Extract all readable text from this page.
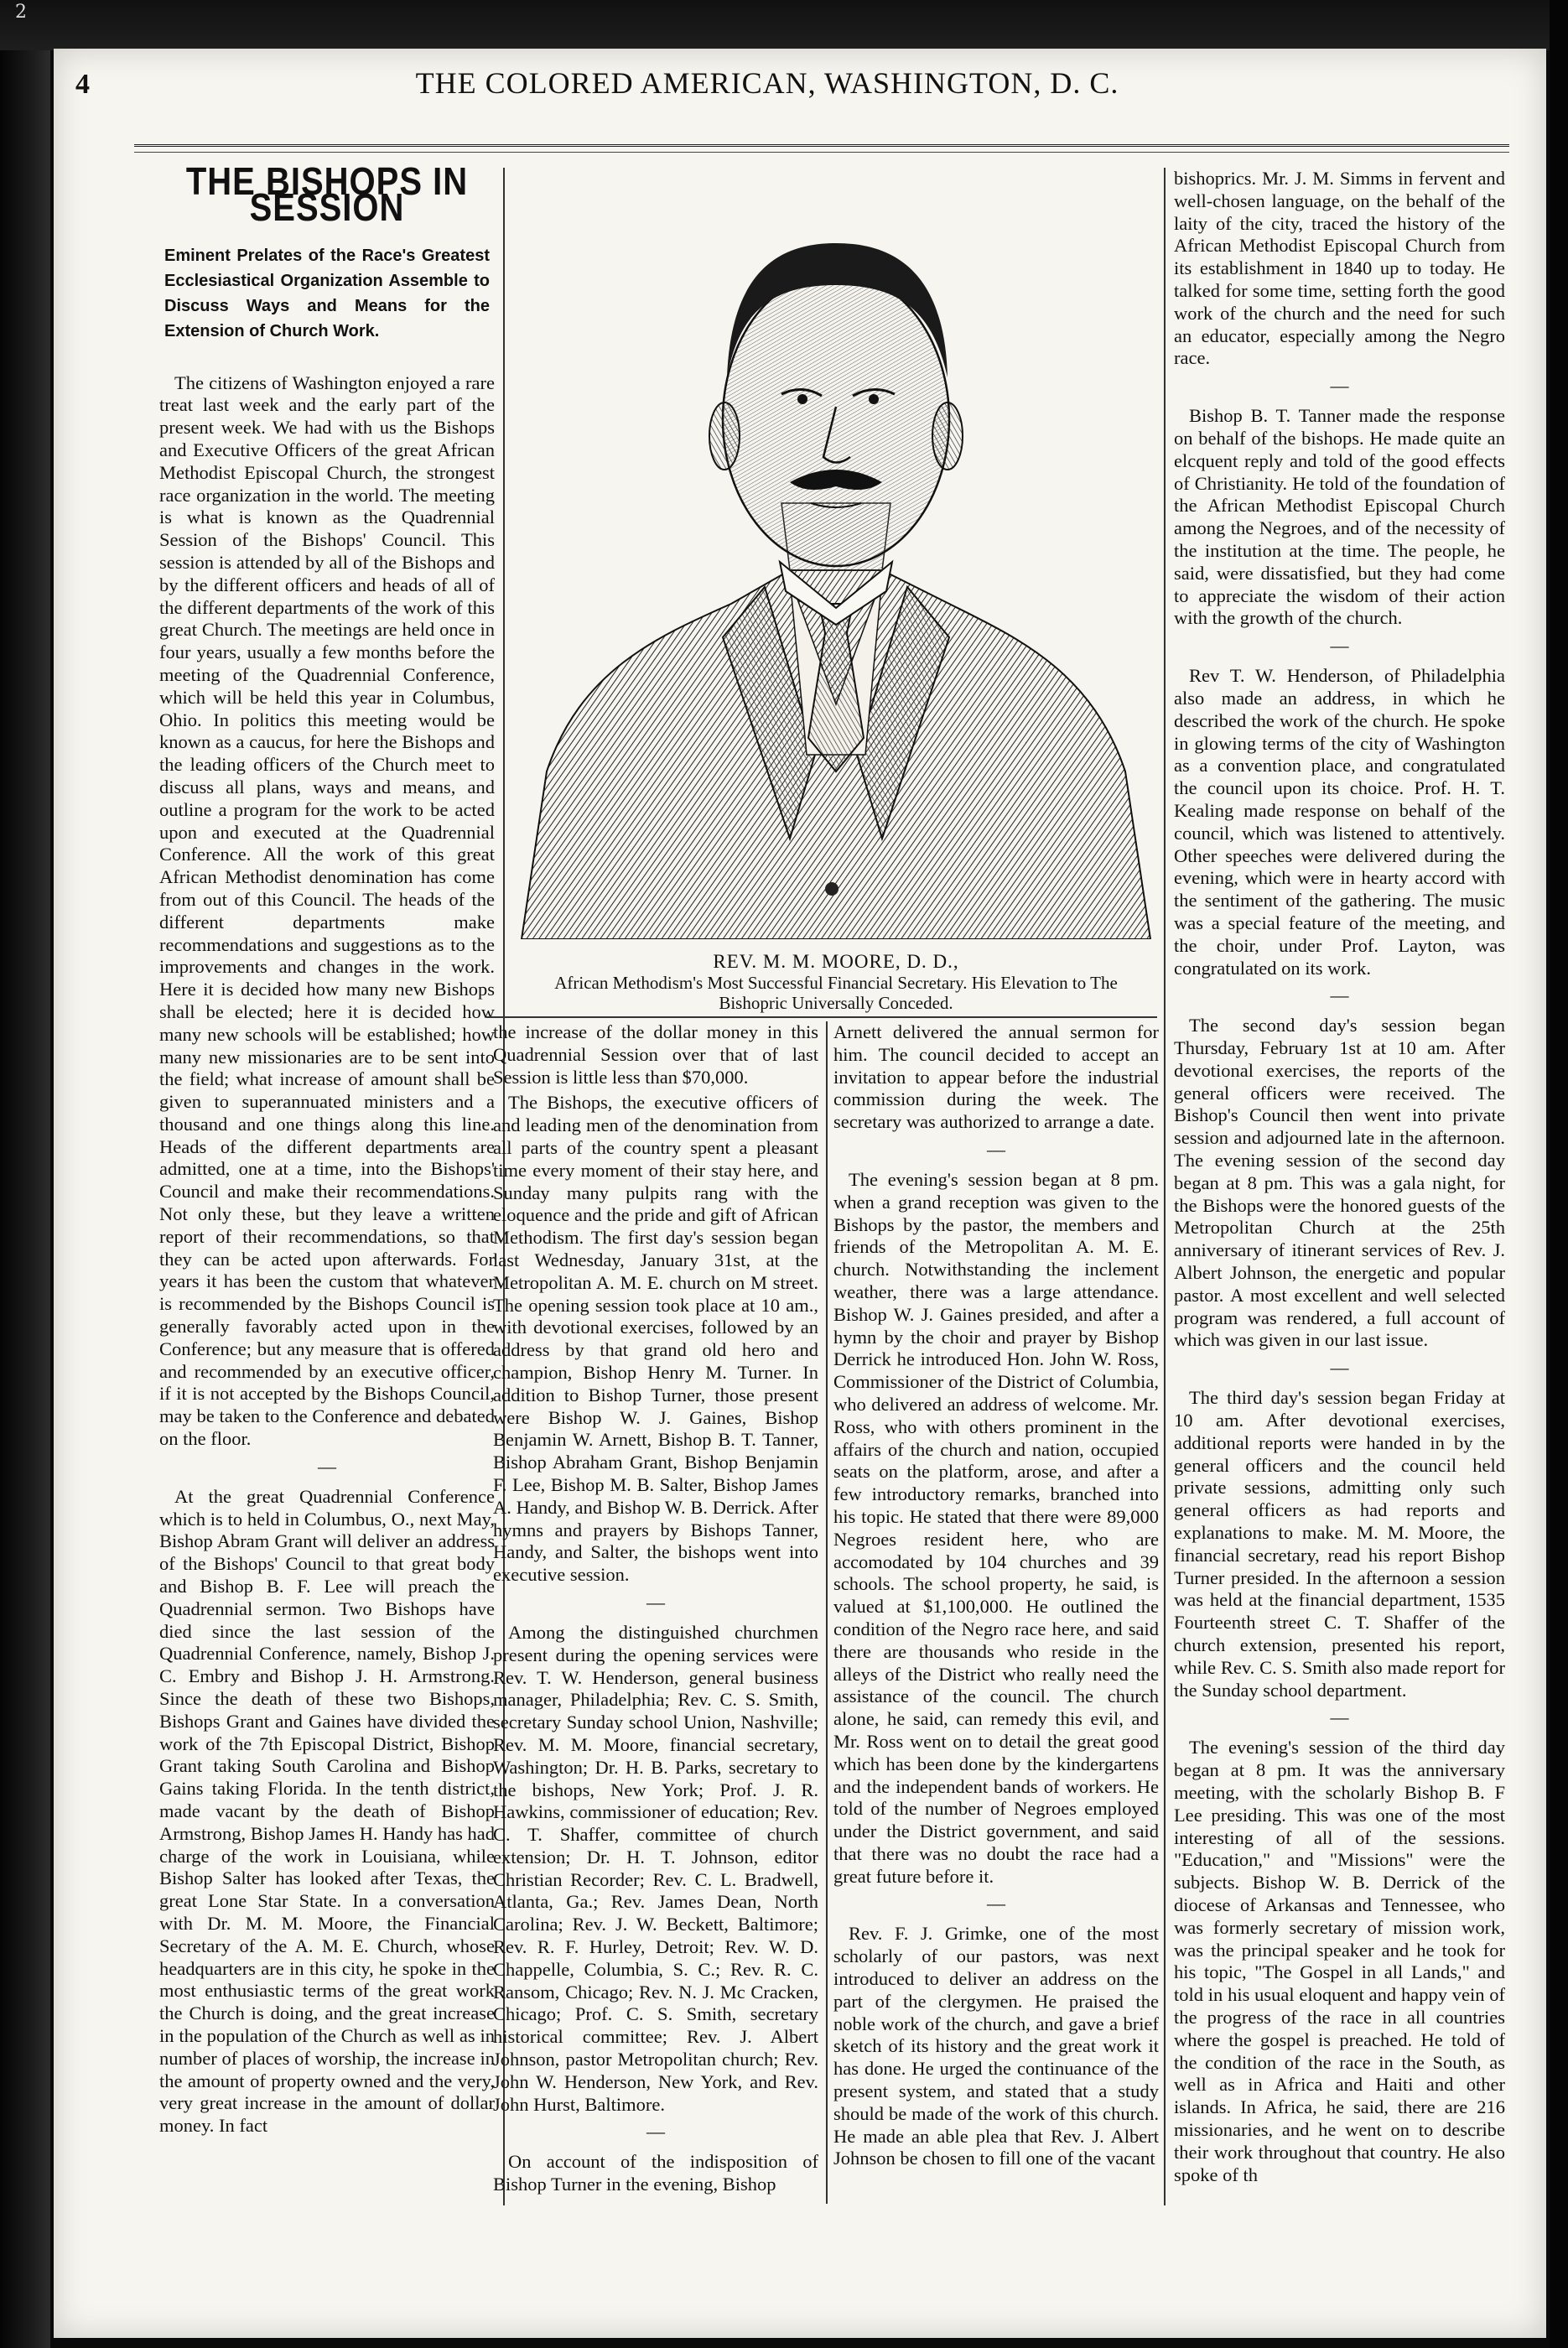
2
4	THE COLORED AMERICAN, WASHINGTON, D. C.
THE BISHOPS IN SESSION
Eminent Prelates of the Race's Greatest Ecclesiastical Organization Assemble to Discuss Ways and Means for the Extension of Church Work.

The citizens of Washington enjoyed a rare treat last week and the early part of the present week. We had with us the Bishops and Executive Officers of the great African Methodist Episcopal Church, the strongest race organization in the world. The meeting is what is known as the Quadrennial Session of the Bishops' Council. This session is attended by all of the Bishops and by the different officers and heads of all of the different departments of the work of this great Church. The meetings are held once in four years, usually a few months before the meeting of the Quadrennial Conference, which will be held this year in Columbus, Ohio. In politics this meeting would be known as a caucus, for here the Bishops and the leading officers of the Church meet to discuss all plans, ways and means, and outline a program for the work to be acted upon and executed at the Quadrennial Conference. All the work of this great African Methodist denomination has come from out of this Council. The heads of the different departments make recommendations and suggestions as to the improvements and changes in the work. Here it is decided how many new Bishops shall be elected; here it is decided how many new schools will be established; how many new missionaries are to be sent into the field; what increase of amount shall be given to superannuated ministers and a thousand and one things along this line. Heads of the different departments are admitted, one at a time, into the Bishops' Council and make their recommendations. Not only these, but they leave a written report of their recommendations, so that they can be acted upon afterwards. For years it has been the custom that whatever is recommended by the Bishops Council is generally favorably acted upon in the Conference; but any measure that is offered and recommended by an executive officer, if it is not accepted by the Bishops Council, may be taken to the Conference and debated on the floor.

—

At the great Quadrennial Conference which is to held in Columbus, O., next May, Bishop Abram Grant will deliver an address of the Bishops' Council to that great body and Bishop B. F. Lee will preach the Quadrennial sermon. Two Bishops have died since the last session of the Quadrennial Conference, namely, Bishop J. C. Embry and Bishop J. H. Armstrong. Since the death of these two Bishops, Bishops Grant and Gaines have divided the work of the 7th Episcopal District, Bishop Grant taking South Carolina and Bishop Gains taking Florida. In the tenth district, made vacant by the death of Bishop Armstrong, Bishop James H. Handy has had charge of the work in Louisiana, while Bishop Salter has looked after Texas, the great Lone Star State. In a conversation with Dr. M. M. Moore, the Financial Secretary of the A. M. E. Church, whose headquarters are in this city, he spoke in the most enthusiastic terms of the great work the Church is doing, and the great increase in the population of the Church as well as in number of places of worship, the increase in the amount of property owned and the very, very great increase in the amount of dollar money. In fact

REV. M. M. MOORE, D. D.,
African Methodism's Most Successful Financial Secretary. His Elevation to The Bishopric Universally Conceded.

the increase of the dollar money in this Quadrennial Session over that of last Session is little less than $70,000.

The Bishops, the executive officers of and leading men of the denomination from all parts of the country spent a pleasant time every moment of their stay here, and Sunday many pulpits rang with the eloquence and the pride and gift of African Methodism. The first day's session began last Wednesday, January 31st, at the Metropolitan A. M. E. church on M street. The opening session took place at 10 am., with devotional exercises, followed by an address by that grand old hero and champion, Bishop Henry M. Turner. In addition to Bishop Turner, those present were Bishop W. J. Gaines, Bishop Benjamin W. Arnett, Bishop B. T. Tanner, Bishop Abraham Grant, Bishop Benjamin F. Lee, Bishop M. B. Salter, Bishop James A. Handy, and Bishop W. B. Derrick. After hymns and prayers by Bishops Tanner, Handy, and Salter, the bishops went into executive session.

—

Among the distinguished churchmen present during the opening services were Rev. T. W. Henderson, general business manager, Philadelphia; Rev. C. S. Smith, secretary Sunday school Union, Nashville; Rev. M. M. Moore, financial secretary, Washington; Dr. H. B. Parks, secretary to the bishops, New York; Prof. J. R. Hawkins, commissioner of education; Rev. C. T. Shaffer, committee of church extension; Dr. H. T. Johnson, editor Christian Recorder; Rev. C. L. Bradwell, Atlanta, Ga.; Rev. James Dean, North Carolina; Rev. J. W. Beckett, Baltimore; Rev. R. F. Hurley, Detroit; Rev. W. D. Chappelle, Columbia, S. C.; Rev. R. C. Ransom, Chicago; Rev. N. J. Mc Cracken, Chicago; Prof. C. S. Smith, secretary historical committee; Rev. J. Albert Johnson, pastor Metropolitan church; Rev. John W. Henderson, New York, and Rev. John Hurst, Baltimore.

—

On account of the indisposition of Bishop Turner in the evening, Bishop

Arnett delivered the annual sermon for him. The council decided to accept an invitation to appear before the industrial commission during the week. The secretary was authorized to arrange a date.

—

The evening's session began at 8 pm. when a grand reception was given to the Bishops by the pastor, the members and friends of the Metropolitan A. M. E. church. Notwithstanding the inclement weather, there was a large attendance. Bishop W. J. Gaines presided, and after a hymn by the choir and prayer by Bishop Derrick he introduced Hon. John W. Ross, Commissioner of the District of Columbia, who delivered an address of welcome. Mr. Ross, who with others prominent in the affairs of the church and nation, occupied seats on the platform, arose, and after a few introductory remarks, branched into his topic. He stated that there were 89,000 Negroes resident here, who are accomodated by 104 churches and 39 schools. The school property, he said, is valued at $1,100,000. He outlined the condition of the Negro race here, and said there are thousands who reside in the alleys of the District who really need the assistance of the council. The church alone, he said, can remedy this evil, and Mr. Ross went on to detail the great good which has been done by the kindergartens and the independent bands of workers. He told of the number of Negroes employed under the District government, and said that there was no doubt the race had a great future before it.

—

Rev. F. J. Grimke, one of the most scholarly of our pastors, was next introduced to deliver an address on the part of the clergymen. He praised the noble work of the church, and gave a brief sketch of its history and the great work it has done. He urged the continuance of the present system, and stated that a study should be made of the work of this church. He made an able plea that Rev. J. Albert Johnson be chosen to fill one of the vacant

bishoprics. Mr. J. M. Simms in fervent and well-chosen language, on the behalf of the laity of the city, traced the history of the African Methodist Episcopal Church from its establishment in 1840 up to today. He talked for some time, setting forth the good work of the church and the need for such an educator, especially among the Negro race.

—

Bishop B. T. Tanner made the response on behalf of the bishops. He made quite an elcquent reply and told of the good effects of Christianity. He told of the foundation of the African Methodist Episcopal Church among the Negroes, and of the necessity of the institution at the time. The people, he said, were dissatisfied, but they had come to appreciate the wisdom of their action with the growth of the church.

—

Rev T. W. Henderson, of Philadelphia also made an address, in which he described the work of the church. He spoke in glowing terms of the city of Washington as a convention place, and congratulated the council upon its choice. Prof. H. T. Kealing made response on behalf of the council, which was listened to attentively. Other speeches were delivered during the evening, which were in hearty accord with the sentiment of the gathering. The music was a special feature of the meeting, and the choir, under Prof. Layton, was congratulated on its work.

—

The second day's session began Thursday, February 1st at 10 am. After devotional exercises, the reports of the general officers were received. The Bishop's Council then went into private session and adjourned late in the afternoon. The evening session of the second day began at 8 pm. This was a gala night, for the Bishops were the honored guests of the Metropolitan Church at the 25th anniversary of itinerant services of Rev. J. Albert Johnson, the energetic and popular pastor. A most excellent and well selected program was rendered, a full account of which was given in our last issue.

—

The third day's session began Friday at 10 am. After devotional exercises, additional reports were handed in by the general officers and the council held private sessions, admitting only such general officers as had reports and explanations to make. M. M. Moore, the financial secretary, read his report Bishop Turner presided. In the afternoon a session was held at the financial department, 1535 Fourteenth street C. T. Shaffer of the church extension, presented his report, while Rev. C. S. Smith also made report for the Sunday school department.

—

The evening's session of the third day began at 8 pm. It was the anniversary meeting, with the scholarly Bishop B. F Lee presiding. This was one of the most interesting of all of the sessions. "Education," and "Missions" were the subjects. Bishop W. B. Derrick of the diocese of Arkansas and Tennessee, who was formerly secretary of mission work, was the principal speaker and he took for his topic, "The Gospel in all Lands," and told in his usual eloquent and happy vein of the progress of the race in all countries where the gospel is preached. He told of the condition of the race in the South, as well as in Africa and Haiti and other islands. In Africa, he said, there are 216 missionaries, and he went on to describe their work throughout that country. He also spoke of th
